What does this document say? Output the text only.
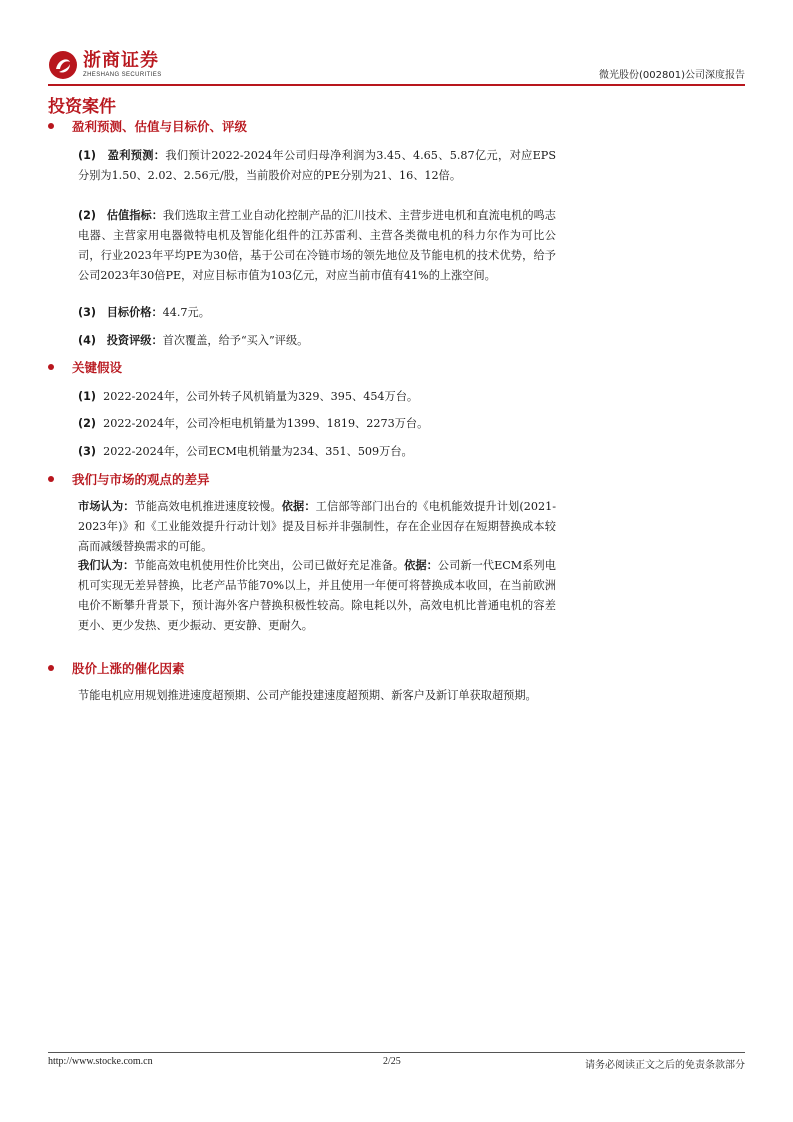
浙商证券
ZHESHANG SECURITIES	微光股份(002801)公司深度报告
投资案件
盈利预测、估值与目标价、评级
(1) 盈利预测：我们预计2022-2024年公司归母净利润为3.45、4.65、5.87亿元，对应EPS分别为1.50、2.02、2.56元/股，当前股价对应的PE分别为21、16、12倍。
(2) 估值指标：我们选取主营工业自动化控制产品的汇川技术、主营步进电机和直流电机的鸣志电器、主营家用电器微特电机及智能化组件的江苏雷利、主营各类微电机的科力尔作为可比公司，行业2023年平均PE为30倍，基于公司在冷链市场的领先地位及节能电机的技术优势，给予公司2023年30倍PE，对应目标市值为103亿元，对应当前市值有41%的上涨空间。
(3) 目标价格：44.7元。
(4) 投资评级：首次覆盖，给予“买入”评级。
关键假设
(1) 2022-2024年，公司外转子风机销量为329、395、454万台。
(2) 2022-2024年，公司冷柜电机销量为1399、1819、2273万台。
(3) 2022-2024年，公司ECM电机销量为234、351、509万台。
我们与市场的观点的差异
市场认为：节能高效电机推进速度较慢。依据：工信部等部门出台的《电机能效提升计划(2021-2023年)》和《工业能效提升行动计划》提及目标并非强制性，存在企业因存在短期替换成本较高而减缓替换需求的可能。
我们认为：节能高效电机使用性价比突出，公司已做好充足准备。依据：公司新一代ECM系列电机可实现无差异替换，比老产品节能70%以上，并且使用一年便可将替换成本收回，在当前欧洲电价不断攀升背景下，预计海外客户替换积极性较高。除电耗以外，高效电机比普通电机的容差更小、更少发热、更少振动、更安静、更耐久。
股价上涨的催化因素
节能电机应用规划推进速度超预期、公司产能投建速度超预期、新客户及新订单获取超预期。
http://www.stocke.com.cn	2/25	请务必阅读正文之后的免责条款部分
